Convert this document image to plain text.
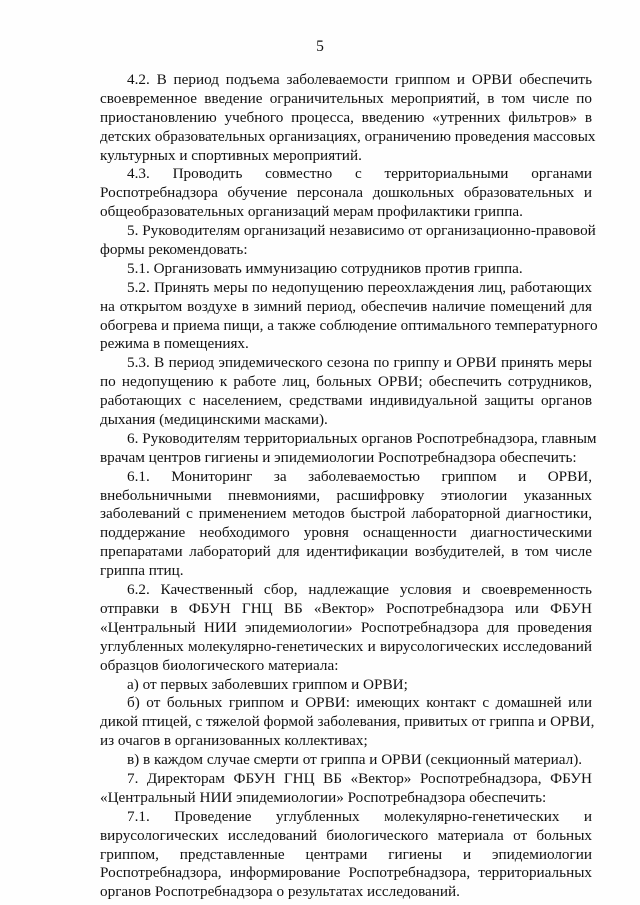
5
4.2. В период подъема заболеваемости гриппом и ОРВИ обеспечить
своевременное введение ограничительных мероприятий, в том числе по
приостановлению учебного процесса, введению «утренних фильтров» в
детских образовательных организациях, ограничению проведения массовых
культурных и спортивных мероприятий.
4.3. Проводить совместно с территориальными органами
Роспотребнадзора обучение персонала дошкольных образовательных и
общеобразовательных организаций мерам профилактики гриппа.
5. Руководителям организаций независимо от организационно-правовой
формы рекомендовать:
5.1. Организовать иммунизацию сотрудников против гриппа.
5.2. Принять меры по недопущению переохлаждения лиц, работающих
на открытом воздухе в зимний период, обеспечив наличие помещений для
обогрева и приема пищи, а также соблюдение оптимального температурного
режима в помещениях.
5.3. В период эпидемического сезона по гриппу и ОРВИ принять меры
по недопущению к работе лиц, больных ОРВИ; обеспечить сотрудников,
работающих с населением, средствами индивидуальной защиты органов
дыхания (медицинскими масками).
6. Руководителям территориальных органов Роспотребнадзора, главным
врачам центров гигиены и эпидемиологии Роспотребнадзора обеспечить:
6.1. Мониторинг за заболеваемостью гриппом и ОРВИ,
внебольничными пневмониями, расшифровку этиологии указанных
заболеваний с применением методов быстрой лабораторной диагностики,
поддержание необходимого уровня оснащенности диагностическими
препаратами лабораторий для идентификации возбудителей, в том числе
гриппа птиц.
6.2. Качественный сбор, надлежащие условия и своевременность
отправки в ФБУН ГНЦ ВБ «Вектор» Роспотребнадзора или ФБУН
«Центральный НИИ эпидемиологии» Роспотребнадзора для проведения
углубленных молекулярно-генетических и вирусологических исследований
образцов биологического материала:
а) от первых заболевших гриппом и ОРВИ;
б) от больных гриппом и ОРВИ: имеющих контакт с домашней или
дикой птицей, с тяжелой формой заболевания, привитых от гриппа и ОРВИ,
из очагов в организованных коллективах;
в) в каждом случае смерти от гриппа и ОРВИ (секционный материал).
7. Директорам ФБУН ГНЦ ВБ «Вектор» Роспотребнадзора, ФБУН
«Центральный НИИ эпидемиологии» Роспотребнадзора обеспечить:
7.1. Проведение углубленных молекулярно-генетических и
вирусологических исследований биологического материала от больных
гриппом, представленные центрами гигиены и эпидемиологии
Роспотребнадзора, информирование Роспотребнадзора, территориальных
органов Роспотребнадзора о результатах исследований.
